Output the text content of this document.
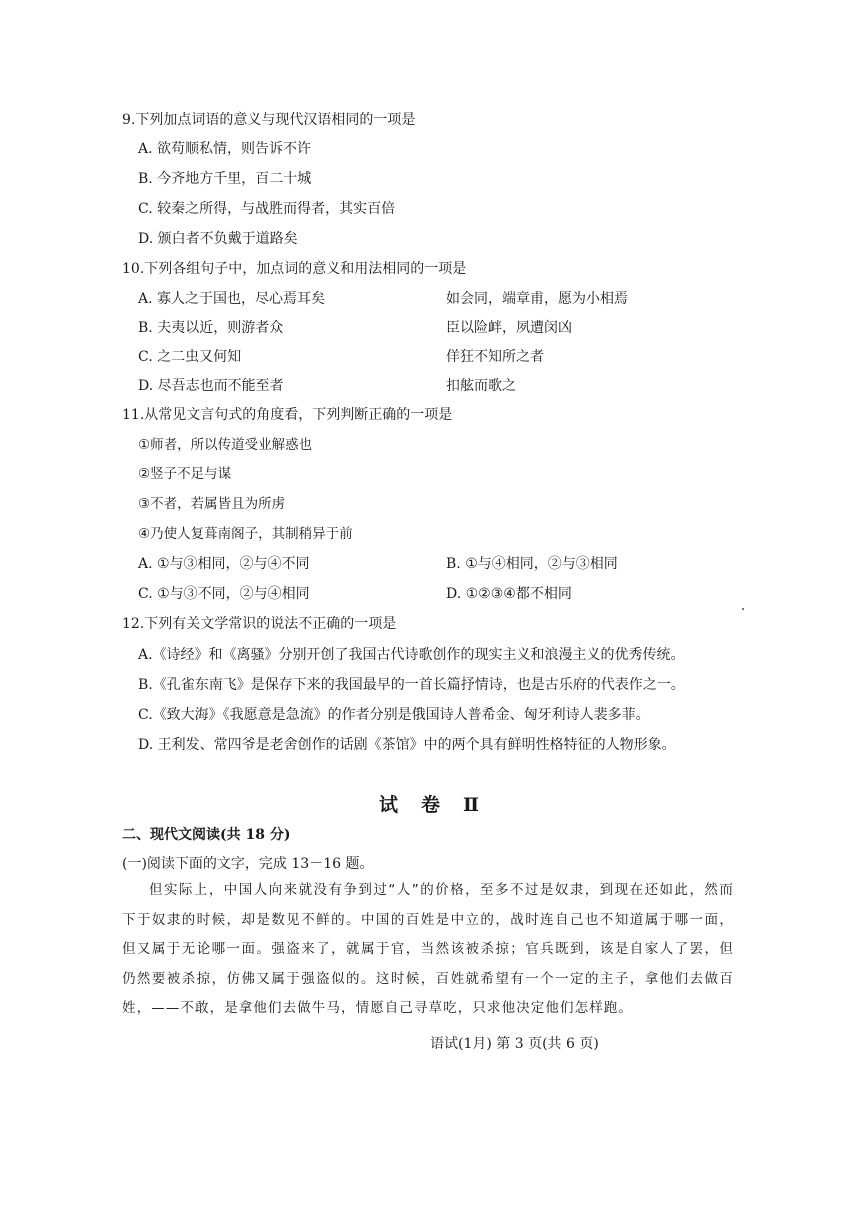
9.下列加点词语的意义与现代汉语相同的一项是
A. 欲苟顺私情，则告诉不许
B. 今齐地方千里，百二十城
C. 较秦之所得，与战胜而得者，其实百倍
D. 颁白者不负戴于道路矣
10.下列各组句子中，加点词的意义和用法相同的一项是
A. 寡人之于国也，尽心焉耳矣	如会同，端章甫，愿为小相焉
B. 夫夷以近，则游者众	臣以险衅，夙遭闵凶
C. 之二虫又何知	佯狂不知所之者
D. 尽吾志也而不能至者	扣舷而歌之
11.从常见文言句式的角度看，下列判断正确的一项是
①师者，所以传道受业解惑也
②竖子不足与谋
③不者，若属皆且为所虏
④乃使人复葺南阁子，其制稍异于前
A. ①与③相同，②与④不同	B. ①与④相同，②与③相同
C. ①与③不同，②与④相同	D. ①②③④都不相同
12.下列有关文学常识的说法不正确的一项是
A.《诗经》和《离骚》分别开创了我国古代诗歌创作的现实主义和浪漫主义的优秀传统。
B.《孔雀东南飞》是保存下来的我国最早的一首长篇抒情诗，也是古乐府的代表作之一。
C.《致大海》《我愿意是急流》的作者分别是俄国诗人普希金、匈牙利诗人裴多菲。
D. 王利发、常四爷是老舍创作的话剧《茶馆》中的两个具有鲜明性格特征的人物形象。
试　卷　Ⅱ
二、现代文阅读(共 18 分)
(一)阅读下面的文字，完成 13－16 题。
但实际上，中国人向来就没有争到过“人”的价格，至多不过是奴隶，到现在还如此，然而下于奴隶的时候，却是数见不鲜的。中国的百姓是中立的，战时连自己也不知道属于哪一面，但又属于无论哪一面。强盗来了，就属于官，当然该被杀掠；官兵既到，该是自家人了罢，但仍然要被杀掠，仿佛又属于强盗似的。这时候，百姓就希望有一个一定的主子，拿他们去做百姓，——不敢，是拿他们去做牛马，情愿自己寻草吃，只求他决定他们怎样跑。
语试(1月) 第 3 页(共 6 页)
